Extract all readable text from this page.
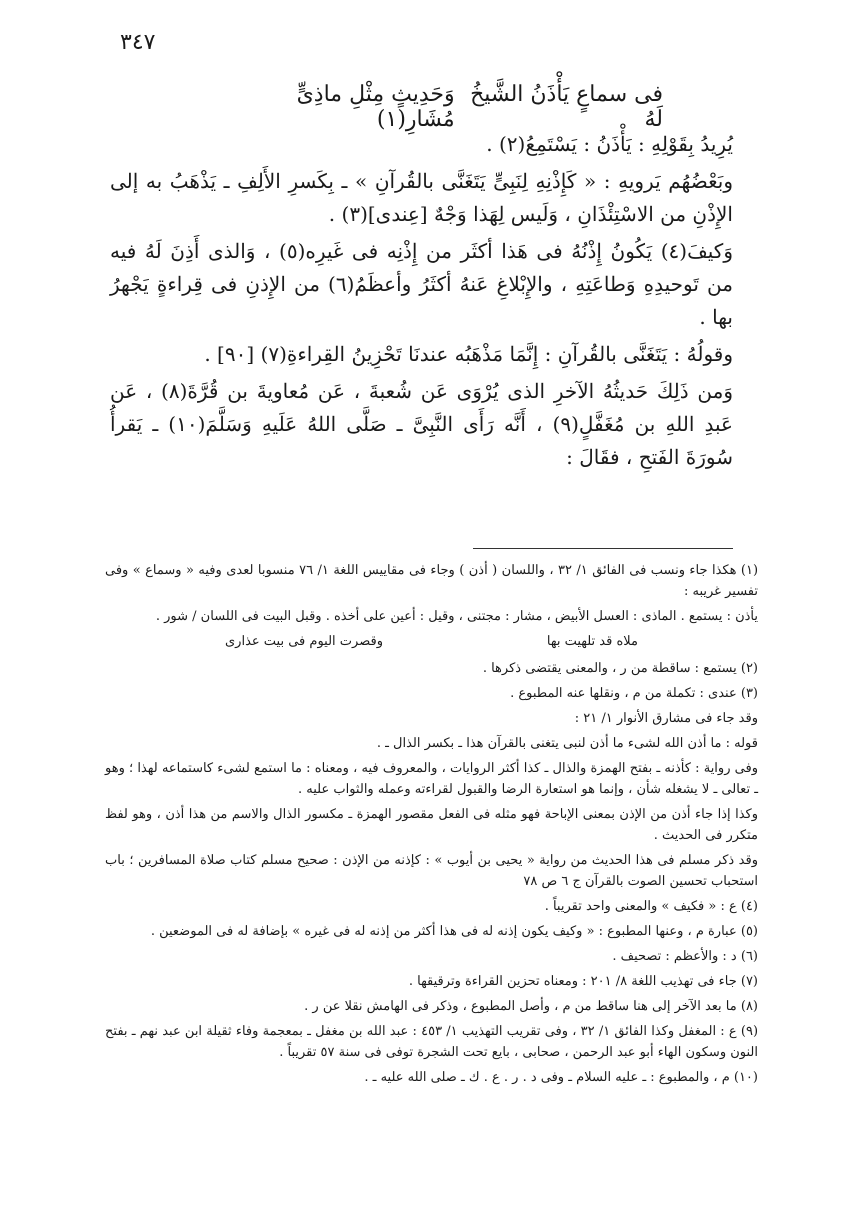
٣٤٧
فى سماعٍ يَأْذَنُ الشَّيخُ لَهُ
وَحَدِيثٍ مِثْلِ ماذِىٍّ مُشَارِ(١)

يُرِيدُ بِقَوْلِهِ : يَأْذَنُ : يَسْتَمِعُ(٢) .

وبَعْضُهُم يَرويهِ : « كَإِذْنِهِ لِنَبِىٍّ يَتَغَنَّى بالقُرآنِ » ـ بِكَسرِ الأَلِفِ ـ يَذْهَبُ به إلى الإِذْنِ من الاسْتِئْذَانِ ، وَلَيس لِهَذا وَجْهٌ [عِندى](٣) .

وَكيفَ(٤) يَكُونُ إِذْنُهُ فى هَذا أكثَر من إِذْنِه فى غَيرِه(٥) ، وَالذى أَذِنَ لَهُ فيه من تَوحيدِهِ وَطاعَتِهِ ، والإِبْلاغِ عَنهُ أكثَرُ وأعظَمُ(٦) من الإِذنِ فى قِراءةٍ يَجْهرُ بها .

وقولُهُ : يَتَغَنَّى بالقُرآنِ : إِنَّمَا مَذْهَبُه عندنَا تَحْزِينُ القِراءةِ(٧) [٩٠] .

وَمن ذَلِكَ حَديثُهُ الآخرِ الذى يُرْوَى عَن شُعبةَ ، عَن مُعاويةَ بن قُرَّةَ(٨) ، عَن عَبدِ اللهِ بن مُغَفَّلٍ(٩) ، أَنَّه رَأَى النَّبِىَّ ـ صَلَّى اللهُ عَلَيهِ وَسَلَّمَ(١٠) ـ يَقرأُ سُورَةَ الفَتحِ ، فقَالَ :

(١) هكذا جاء ونسب فى الفائق ١/ ٣٢ ، واللسان ( أذن ) وجاء فى مقاييس اللغة ١/ ٧٦ منسوبا لعدى وفيه « وسماع » وفى تفسير غريبه :

يأذن : يستمع . الماذى : العسل الأبيض ، مشار : مجتنى ، وقيل : أعين على أخذه . وقبل البيت فى اللسان / شور .

ملاه قد تلهيت بها
وقصرت اليوم فى بيت عذارى

(٢) يستمع : ساقطة من ر ، والمعنى يقتضى ذكرها .

(٣) عندى : تكملة من م ، ونقلها عنه المطبوع .

وقد جاء فى مشارق الأنوار ١/ ٢١ :

قوله : ما أذن الله لشىء ما أذن لنبى يتغنى بالقرآن هذا ـ بكسر الذال ـ .

وفى رواية : كأذنه ـ بفتح الهمزة والذال ـ كذا أكثر الروايات ، والمعروف فيه ، ومعناه : ما استمع لشىء كاستماعه لهذا ؛ وهو ـ تعالى ـ لا يشغله شأن ، وإنما هو استعارة الرضا والقبول لقراءته وعمله والثواب عليه .

وكذا إذا جاء أذن من الإذن بمعنى الإباحة فهو مثله فى الفعل مقصور الهمزة ـ مكسور الذال والاسم من هذا أذن ، وهو لفظ متكرر فى الحديث .

وقد ذكر مسلم فى هذا الحديث من رواية « يحيى بن أيوب » : كإذنه من الإذن : صحيح مسلم كتاب صلاة المسافرين ؛ باب استحباب تحسين الصوت بالقرآن ج ٦ ص ٧٨

(٤) ع : « فكيف » والمعنى واحد تقريباً .

(٥) عبارة م ، وعنها المطبوع : « وكيف يكون إذنه له فى هذا أكثر من إذنه له فى غيره » بإضافة له فى الموضعين .

(٦) د : والأعظم : تصحيف .

(٧) جاء فى تهذيب اللغة ٨/ ٢٠١ : ومعناه تحزين القراءة وترقيقها .

(٨) ما بعد الآخر إلى هنا ساقط من م ، وأصل المطبوع ، وذكر فى الهامش نقلا عن ر .

(٩) ع : المغفل وكذا الفائق ١/ ٣٢ ، وفى تقريب التهذيب ١/ ٤٥٣ : عبد الله بن مغفل ـ بمعجمة وفاء ثقيلة ابن عبد نهم ـ بفتح النون وسكون الهاء أبو عبد الرحمن ، صحابى ، بايع تحت الشجرة توفى فى سنة ٥٧ تقريباً .

(١٠) م ، والمطبوع : ـ عليه السلام ـ وفى د . ر . ع . ك ـ صلى الله عليه ـ .
